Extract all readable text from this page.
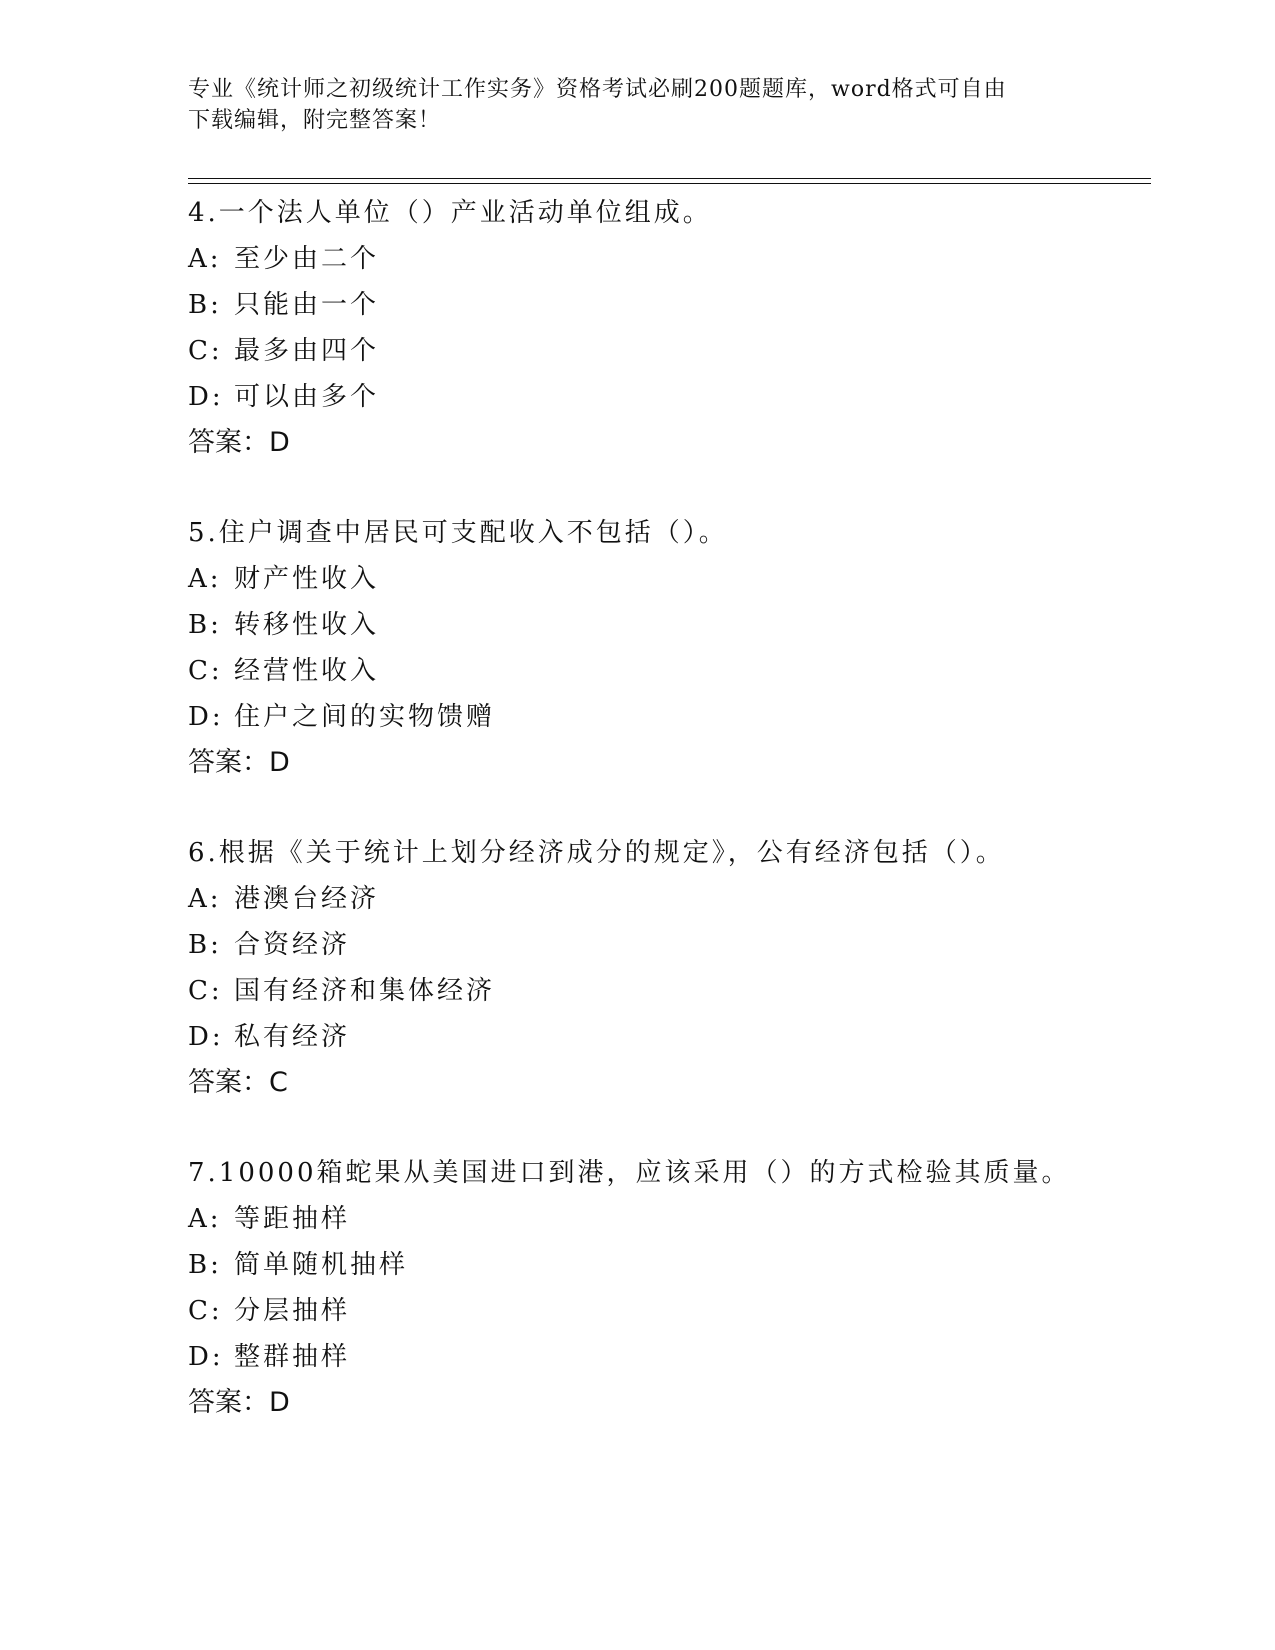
专业《统计师之初级统计工作实务》资格考试必刷200题题库，word格式可自由
下载编辑，附完整答案！
4.一个法人单位（）产业活动单位组成。
A: 至少由二个
B: 只能由一个
C: 最多由四个
D: 可以由多个
答案：D
5.住户调查中居民可支配收入不包括（）。
A: 财产性收入
B: 转移性收入
C: 经营性收入
D: 住户之间的实物馈赠
答案：D
6.根据《关于统计上划分经济成分的规定》，公有经济包括（）。
A: 港澳台经济
B: 合资经济
C: 国有经济和集体经济
D: 私有经济
答案：C
7.10000箱蛇果从美国进口到港，应该采用（）的方式检验其质量。
A: 等距抽样
B: 简单随机抽样
C: 分层抽样
D: 整群抽样
答案：D
